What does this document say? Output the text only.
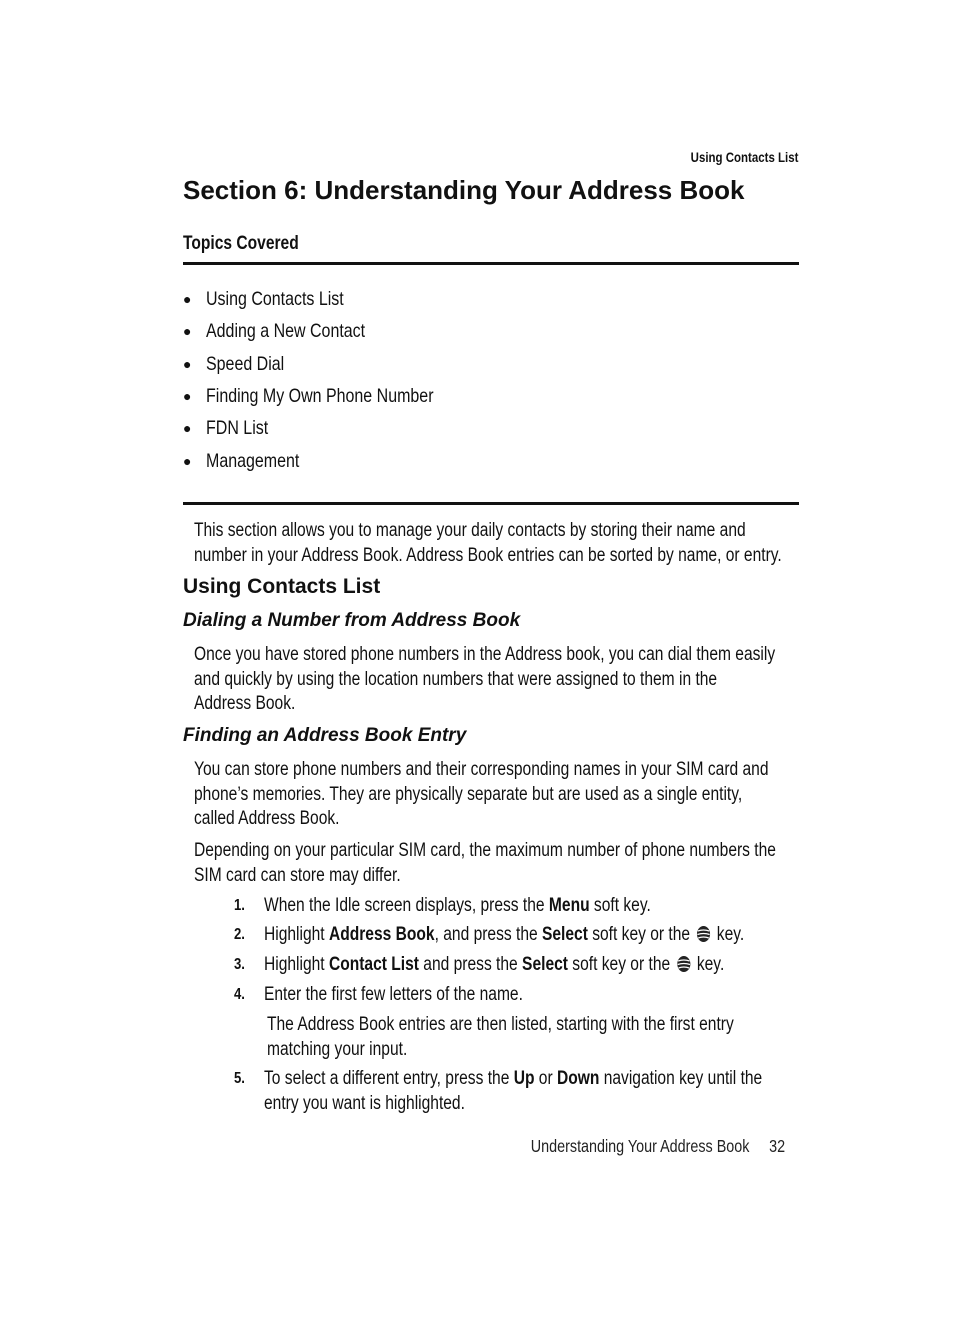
Using Contacts List
Section 6: Understanding Your Address Book
Topics Covered
● Using Contacts List
● Adding a New Contact
● Speed Dial
● Finding My Own Phone Number
● FDN List
● Management
This section allows you to manage your daily contacts by storing their name and
number in your Address Book. Address Book entries can be sorted by name, or entry.
Using Contacts List
Dialing a Number from Address Book
Once you have stored phone numbers in the Address book, you can dial them easily
and quickly by using the location numbers that were assigned to them in the
Address Book.
Finding an Address Book Entry
You can store phone numbers and their corresponding names in your SIM card and
phone’s memories. They are physically separate but are used as a single entity,
called Address Book.
Depending on your particular SIM card, the maximum number of phone numbers the
SIM card can store may differ.
1. When the Idle screen displays, press the Menu soft key.
2. Highlight Address Book, and press the Select soft key or the  key.
3. Highlight Contact List and press the Select soft key or the  key.
4. Enter the first few letters of the name.
The Address Book entries are then listed, starting with the first entry
matching your input.
5. To select a different entry, press the Up or Down navigation key until the
entry you want is highlighted.
Understanding Your Address Book 32
